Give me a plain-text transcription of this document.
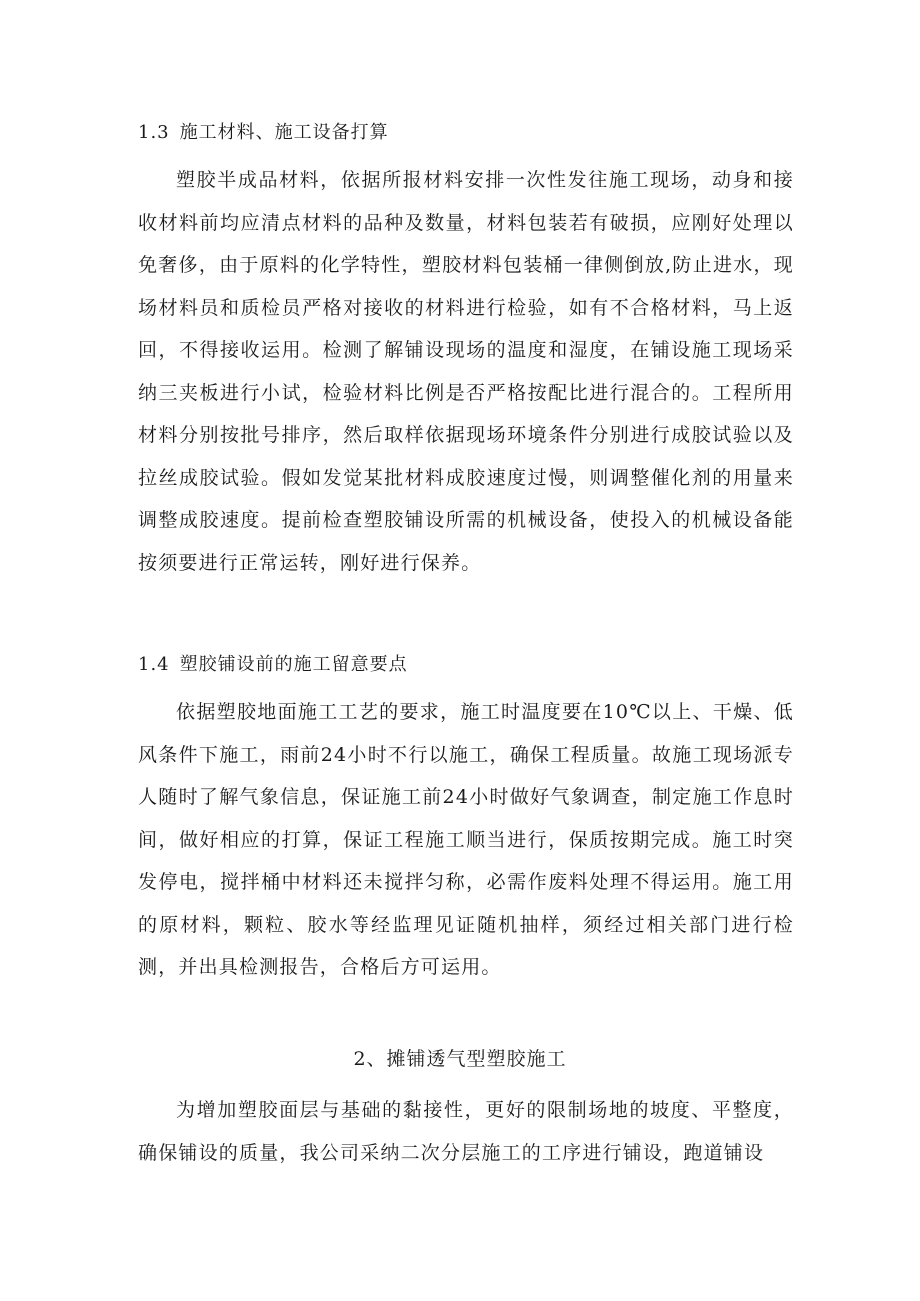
1.3 施工材料、施工设备打算

塑胶半成品材料，依据所报材料安排一次性发往施工现场，动身和接收材料前均应清点材料的品种及数量，材料包装若有破损，应刚好处理以免奢侈，由于原料的化学特性，塑胶材料包装桶一律侧倒放,防止进水，现场材料员和质检员严格对接收的材料进行检验，如有不合格材料，马上返回，不得接收运用。检测了解铺设现场的温度和湿度，在铺设施工现场采纳三夹板进行小试，检验材料比例是否严格按配比进行混合的。工程所用材料分别按批号排序，然后取样依据现场环境条件分别进行成胶试验以及拉丝成胶试验。假如发觉某批材料成胶速度过慢，则调整催化剂的用量来调整成胶速度。提前检查塑胶铺设所需的机械设备，使投入的机械设备能按须要进行正常运转，刚好进行保养。

1.4 塑胶铺设前的施工留意要点

依据塑胶地面施工工艺的要求，施工时温度要在10℃以上、干燥、低风条件下施工，雨前24小时不行以施工，确保工程质量。故施工现场派专人随时了解气象信息，保证施工前24小时做好气象调查，制定施工作息时间，做好相应的打算，保证工程施工顺当进行，保质按期完成。施工时突发停电，搅拌桶中材料还未搅拌匀称，必需作废料处理不得运用。施工用的原材料，颗粒、胶水等经监理见证随机抽样，须经过相关部门进行检测，并出具检测报告，合格后方可运用。

2、摊铺透气型塑胶施工

为增加塑胶面层与基础的黏接性，更好的限制场地的坡度、平整度，确保铺设的质量，我公司采纳二次分层施工的工序进行铺设，跑道铺设
